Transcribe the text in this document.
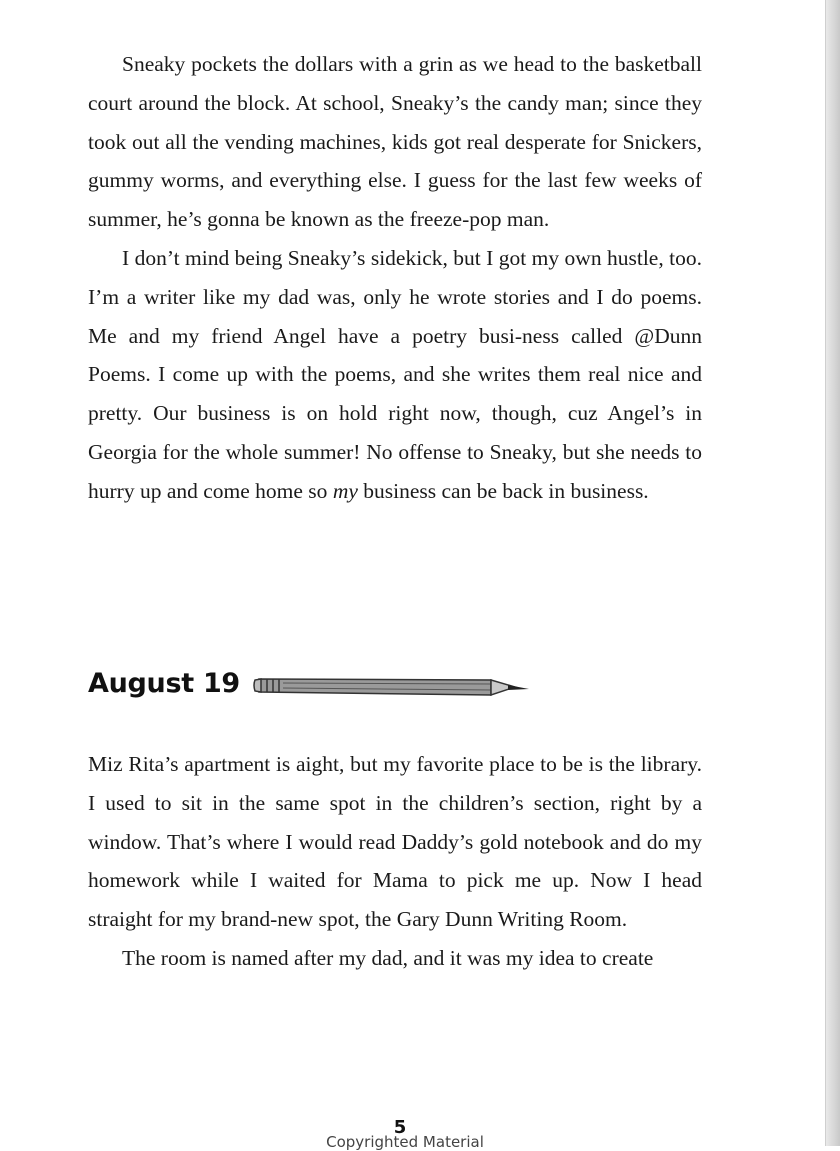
Sneaky pockets the dollars with a grin as we head to the basketball court around the block. At school, Sneaky’s the candy man; since they took out all the vending machines, kids got real desperate for Snickers, gummy worms, and everything else. I guess for the last few weeks of summer, he’s gonna be known as the freeze-pop man.

I don’t mind being Sneaky’s sidekick, but I got my own hustle, too. I’m a writer like my dad was, only he wrote stories and I do poems. Me and my friend Angel have a poetry busi-ness called @Dunn Poems. I come up with the poems, and she writes them real nice and pretty. Our business is on hold right now, though, cuz Angel’s in Georgia for the whole summer! No offense to Sneaky, but she needs to hurry up and come home so my business can be back in business.

August 19

Miz Rita’s apartment is aight, but my favorite place to be is the library. I used to sit in the same spot in the children’s section, right by a window. That’s where I would read Daddy’s gold notebook and do my homework while I waited for Mama to pick me up. Now I head straight for my brand-new spot, the Gary Dunn Writing Room.

The room is named after my dad, and it was my idea to create

5
Copyrighted Material
